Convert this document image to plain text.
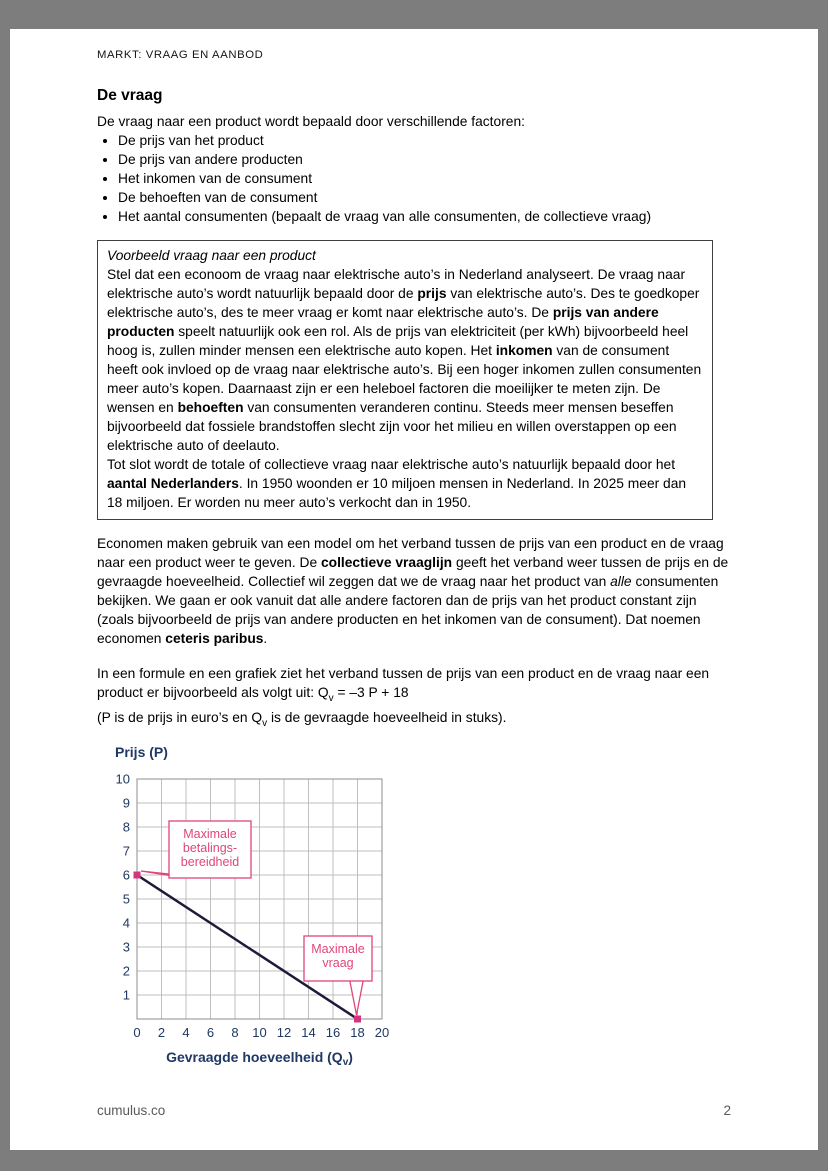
MARKT: VRAAG EN AANBOD
De vraag

De vraag naar een product wordt bepaald door verschillende factoren:

• De prijs van het product
• De prijs van andere producten
• Het inkomen van de consument
• De behoeften van de consument
• Het aantal consumenten (bepaalt de vraag van alle consumenten, de collectieve vraag)
Voorbeeld vraag naar een product

Stel dat een econoom de vraag naar elektrische auto’s in Nederland analyseert. De vraag naar elektrische auto’s wordt natuurlijk bepaald door de prijs van elektrische auto’s. Des te goedkoper elektrische auto’s, des te meer vraag er komt naar elektrische auto’s. De prijs van andere producten speelt natuurlijk ook een rol. Als de prijs van elektriciteit (per kWh) bijvoorbeeld heel hoog is, zullen minder mensen een elektrische auto kopen. Het inkomen van de consument heeft ook invloed op de vraag naar elektrische auto’s. Bij een hoger inkomen zullen consumenten meer auto’s kopen. Daarnaast zijn er een heleboel factoren die moeilijker te meten zijn. De wensen en behoeften van consumenten veranderen continu. Steeds meer mensen beseffen bijvoorbeeld dat fossiele brandstoffen slecht zijn voor het milieu en willen overstappen op een elektrische auto of deelauto.

Tot slot wordt de totale of collectieve vraag naar elektrische auto’s natuurlijk bepaald door het aantal Nederlanders. In 1950 woonden er 10 miljoen mensen in Nederland. In 2025 meer dan 18 miljoen. Er worden nu meer auto’s verkocht dan in 1950.

Economen maken gebruik van een model om het verband tussen de prijs van een product en de vraag naar een product weer te geven. De collectieve vraaglijn geeft het verband weer tussen de prijs en de gevraagde hoeveelheid. Collectief wil zeggen dat we de vraag naar het product van alle consumenten bekijken. We gaan er ook vanuit dat alle andere factoren dan de prijs van het product constant zijn (zoals bijvoorbeeld de prijs van andere producten en het inkomen van de consument). Dat noemen economen ceteris paribus.

In een formule en een grafiek ziet het verband tussen de prijs van een product en de vraag naar een product er bijvoorbeeld als volgt uit: $Q_v = -3$ P + 18
(P is de prijs in euro’s en $Q_v$ is de gevraagde hoeveelheid in stuks).

Prijs (P)
1
2
3
4
5
6
7
8
9
10
0 2 4 6 8 10 12 14 16 18 20
Maximale
betalings-
bereidheid
Maximale
vraag
Gevraagde hoeveelheid $(Q_v)$
cumulus.co	2
